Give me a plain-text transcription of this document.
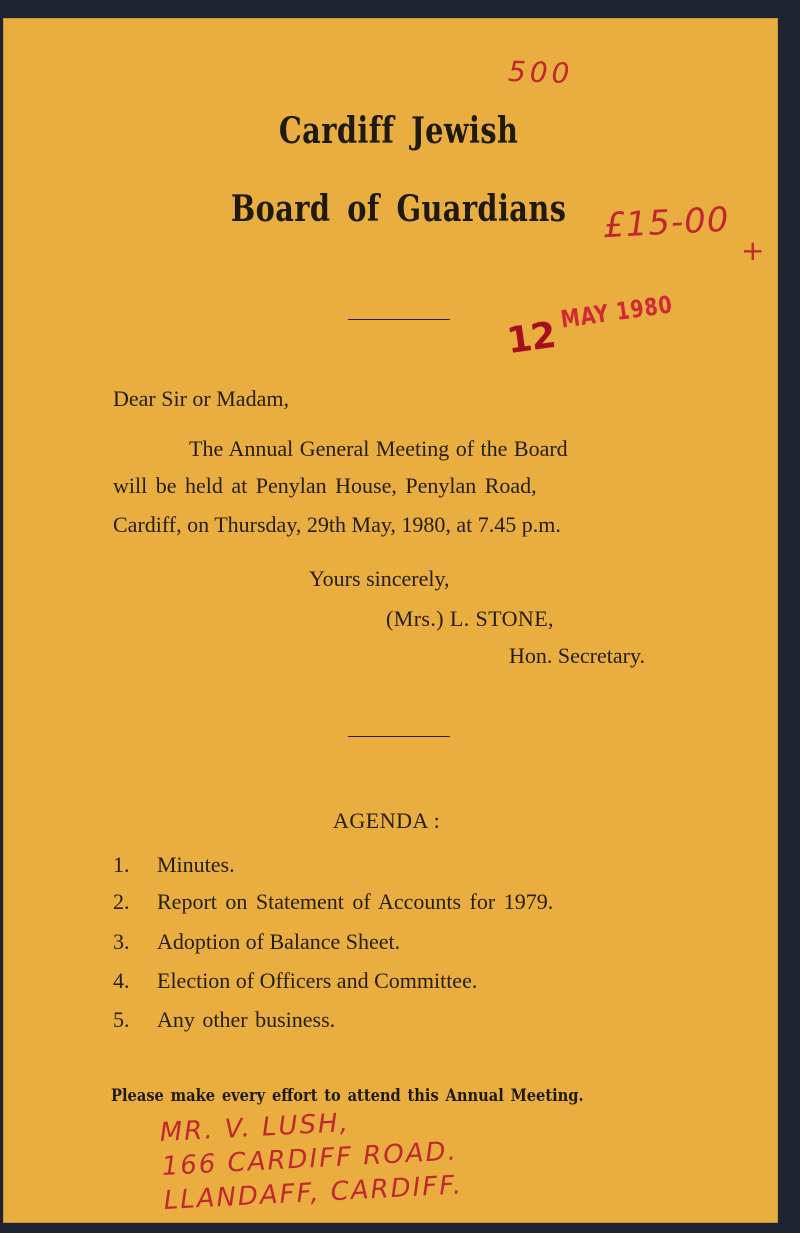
500
Cardiff Jewish
Board of Guardians	£15-00
+
12
MAY 1980
Dear Sir or Madam,
The Annual General Meeting of the Board
will be held at Penylan House, Penylan Road,
Cardiff, on Thursday, 29th May, 1980, at 7.45 p.m.
Yours sincerely,
(Mrs.) L. STONE,
Hon. Secretary.
AGENDA :
1. Minutes.
2. Report on Statement of Accounts for 1979.
3. Adoption of Balance Sheet.
4. Election of Officers and Committee.
5. Any other business.
Please make every effort to attend this Annual Meeting.
MR. V. LUSH,
166 CARDIFF ROAD.
LLANDAFF, CARDIFF.
